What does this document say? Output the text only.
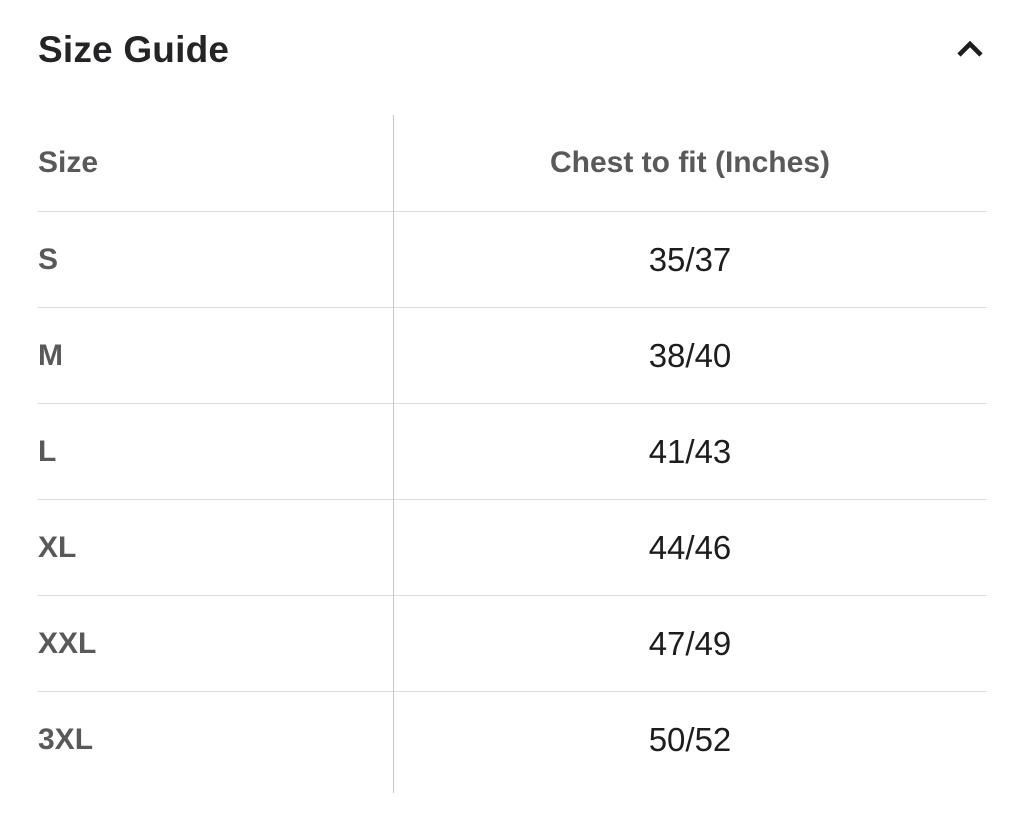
Size Guide
Size	Chest to fit (Inches)
S	35/37
M	38/40
L	41/43
XL	44/46
XXL	47/49
3XL	50/52
